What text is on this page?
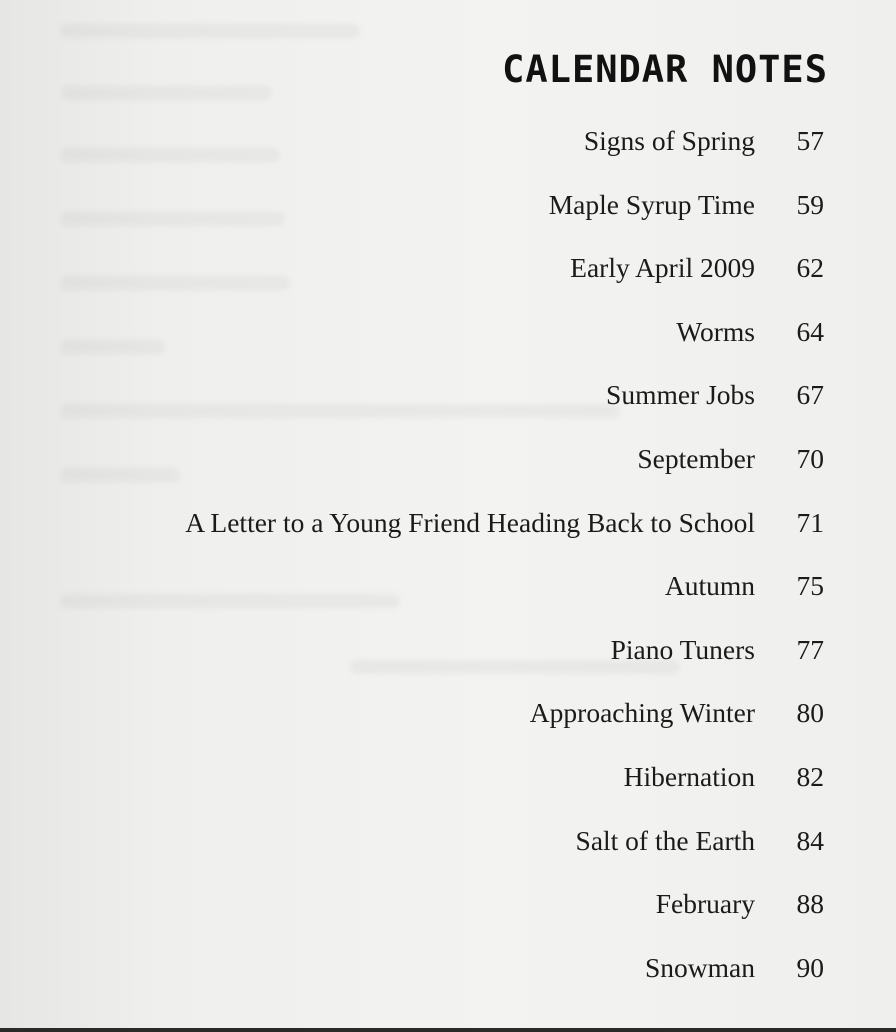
CALENDAR NOTES
Signs of Spring	57
Maple Syrup Time	59
Early April 2009	62
Worms	64
Summer Jobs	67
September	70
A Letter to a Young Friend Heading Back to School	71
Autumn	75
Piano Tuners	77
Approaching Winter	80
Hibernation	82
Salt of the Earth	84
February	88
Snowman	90
